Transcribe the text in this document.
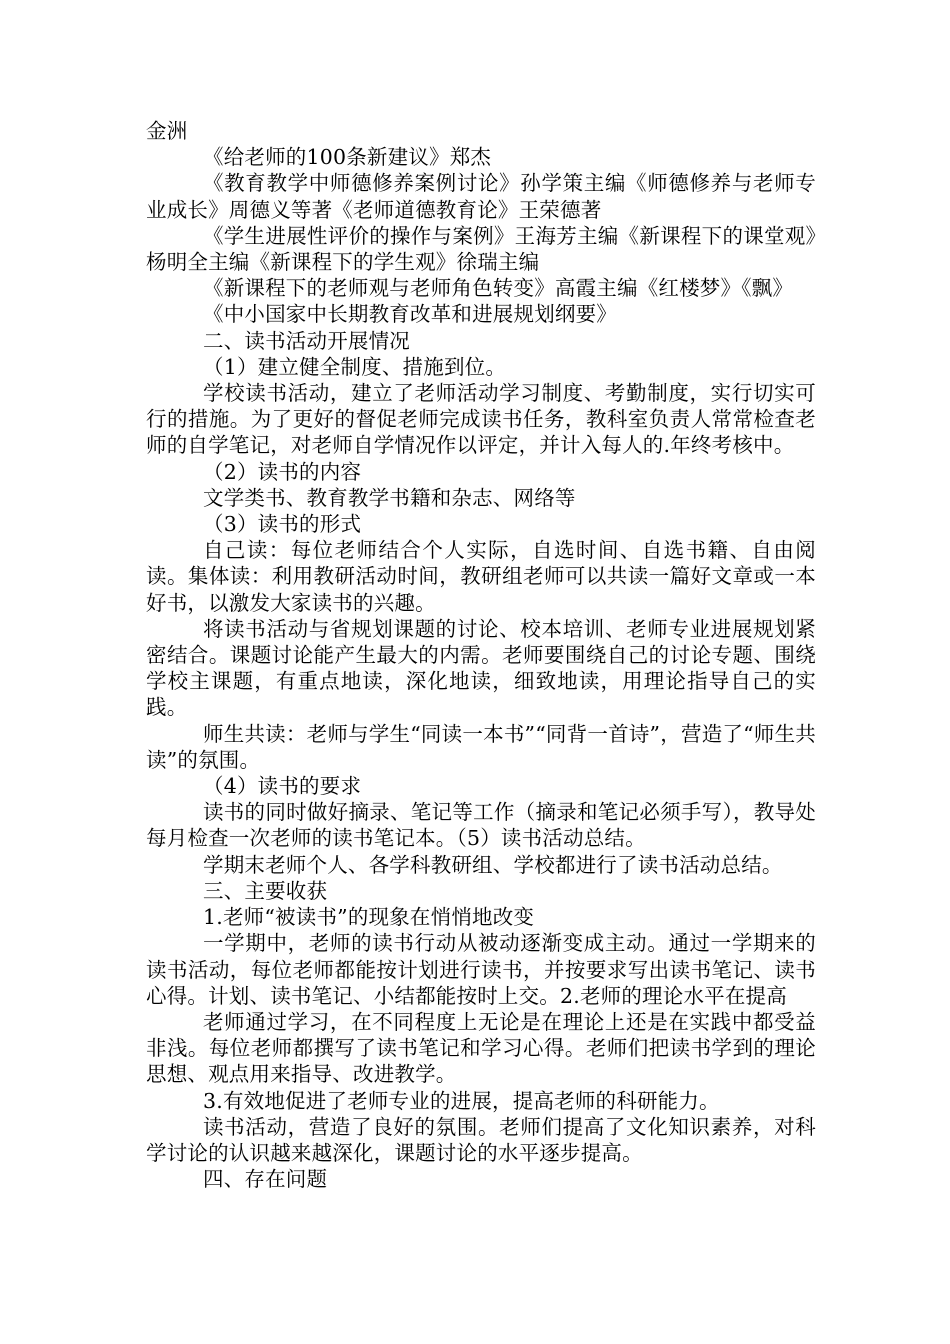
金洲

《给老师的100条新建议》郑杰

《教育教学中师德修养案例讨论》孙学策主编《师德修养与老师专业成长》周德义等著《老师道德教育论》王荣德著

《学生进展性评价的操作与案例》王海芳主编《新课程下的课堂观》杨明全主编《新课程下的学生观》徐瑞主编

《新课程下的老师观与老师角色转变》高霞主编《红楼梦》《飘》

《中小国家中长期教育改革和进展规划纲要》

二、读书活动开展情况

（1）建立健全制度、措施到位。

学校读书活动，建立了老师活动学习制度、考勤制度，实行切实可行的措施。为了更好的督促老师完成读书任务，教科室负责人常常检查老师的自学笔记，对老师自学情况作以评定，并计入每人的.年终考核中。

（2）读书的内容

文学类书、教育教学书籍和杂志、网络等

（3）读书的形式

自己读：每位老师结合个人实际，自选时间、自选书籍、自由阅读。集体读：利用教研活动时间，教研组老师可以共读一篇好文章或一本好书，以激发大家读书的兴趣。

将读书活动与省规划课题的讨论、校本培训、老师专业进展规划紧密结合。课题讨论能产生最大的内需。老师要围绕自己的讨论专题、围绕学校主课题，有重点地读，深化地读，细致地读，用理论指导自己的实践。

师生共读：老师与学生“同读一本书”“同背一首诗”，营造了“师生共读”的氛围。

（4）读书的要求

读书的同时做好摘录、笔记等工作（摘录和笔记必须手写），教导处每月检查一次老师的读书笔记本。（5）读书活动总结。

学期末老师个人、各学科教研组、学校都进行了读书活动总结。

三、主要收获

1.老师“被读书”的现象在悄悄地改变

一学期中，老师的读书行动从被动逐渐变成主动。通过一学期来的读书活动，每位老师都能按计划进行读书，并按要求写出读书笔记、读书心得。计划、读书笔记、小结都能按时上交。2.老师的理论水平在提高

老师通过学习，在不同程度上无论是在理论上还是在实践中都受益非浅。每位老师都撰写了读书笔记和学习心得。老师们把读书学到的理论思想、观点用来指导、改进教学。

3.有效地促进了老师专业的进展，提高老师的科研能力。

读书活动，营造了良好的氛围。老师们提高了文化知识素养，对科学讨论的认识越来越深化，课题讨论的水平逐步提高。

四、存在问题
